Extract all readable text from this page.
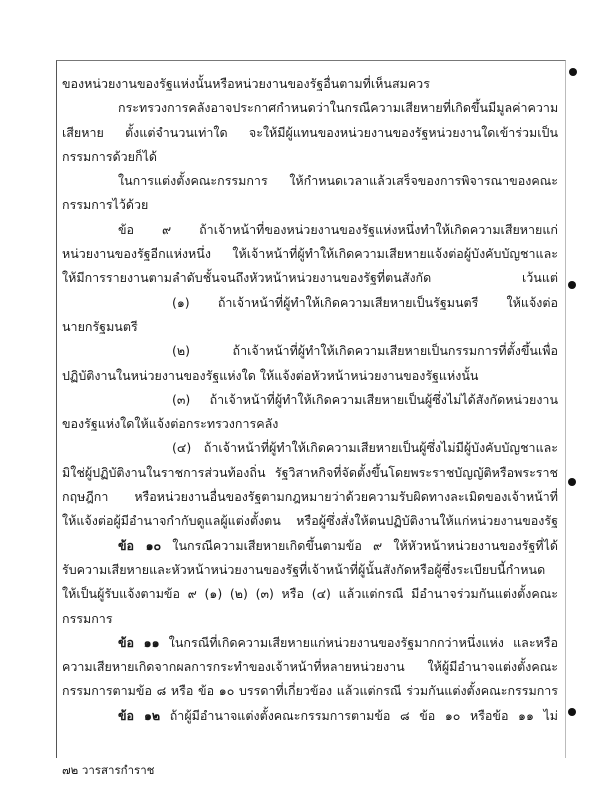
ของหน่วยงานของรัฐแห่งนั้นหรือหน่วยงานของรัฐอื่นตามที่เห็นสมควร
กระทรวงการคลังอาจประกาศกำหนดว่าในกรณีความเสียหายที่เกิดขึ้นมีมูลค่าความ
เสียหาย ตั้งแต่จำนวนเท่าใด จะให้มีผู้แทนของหน่วยงานของรัฐหน่วยงานใดเข้าร่วมเป็น
กรรมการด้วยก็ได้
ในการแต่งตั้งคณะกรรมการ ให้กำหนดเวลาแล้วเสร็จของการพิจารณาของคณะ
กรรมการไว้ด้วย
ข้อ ๙ ถ้าเจ้าหน้าที่ของหน่วยงานของรัฐแห่งหนึ่งทำให้เกิดความเสียหายแก่
หน่วยงานของรัฐอีกแห่งหนึ่ง ให้เจ้าหน้าที่ผู้ทำให้เกิดความเสียหายแจ้งต่อผู้บังคับบัญชาและ
ให้มีการรายงานตามลำดับชั้นจนถึงหัวหน้าหน่วยงานของรัฐที่ตนสังกัด เว้นแต่
(๑) ถ้าเจ้าหน้าที่ผู้ทำให้เกิดความเสียหายเป็นรัฐมนตรี ให้แจ้งต่อ
นายกรัฐมนตรี
(๒) ถ้าเจ้าหน้าที่ผู้ทำให้เกิดความเสียหายเป็นกรรมการที่ตั้งขึ้นเพื่อ
ปฏิบัติงานในหน่วยงานของรัฐแห่งใด ให้แจ้งต่อหัวหน้าหน่วยงานของรัฐแห่งนั้น
(๓) ถ้าเจ้าหน้าที่ผู้ทำให้เกิดความเสียหายเป็นผู้ซึ่งไม่ได้สังกัดหน่วยงาน
ของรัฐแห่งใดให้แจ้งต่อกระทรวงการคลัง
(๔) ถ้าเจ้าหน้าที่ผู้ทำให้เกิดความเสียหายเป็นผู้ซึ่งไม่มีผู้บังคับบัญชาและ
มิใช่ผู้ปฏิบัติงานในราชการส่วนท้องถิ่น รัฐวิสาหกิจที่จัดตั้งขึ้นโดยพระราชบัญญัติหรือพระราช
กฤษฎีกา หรือหน่วยงานอื่นของรัฐตามกฎหมายว่าด้วยความรับผิดทางละเมิดของเจ้าหน้าที่
ให้แจ้งต่อผู้มีอำนาจกำกับดูแลผู้แต่งตั้งตน หรือผู้ซึ่งสั่งให้ตนปฏิบัติงานให้แก่หน่วยงานของรัฐ
ข้อ ๑๐ ในกรณีความเสียหายเกิดขึ้นตามข้อ ๙ ให้หัวหน้าหน่วยงานของรัฐที่ได้
รับความเสียหายและหัวหน้าหน่วยงานของรัฐที่เจ้าหน้าที่ผู้นั้นสังกัดหรือผู้ซึ่งระเบียบนี้กำหนด
ให้เป็นผู้รับแจ้งตามข้อ ๙ (๑) (๒) (๓) หรือ (๔) แล้วแต่กรณี มีอำนาจร่วมกันแต่งตั้งคณะ
กรรมการ
ข้อ ๑๑ ในกรณีที่เกิดความเสียหายแก่หน่วยงานของรัฐมากกว่าหนึ่งแห่ง และหรือ
ความเสียหายเกิดจากผลการกระทำของเจ้าหน้าที่หลายหน่วยงาน ให้ผู้มีอำนาจแต่งตั้งคณะ
กรรมการตามข้อ ๘ หรือ ข้อ ๑๐ บรรดาที่เกี่ยวข้อง แล้วแต่กรณี ร่วมกันแต่งตั้งคณะกรรมการ
ข้อ ๑๒ ถ้าผู้มีอำนาจแต่งตั้งคณะกรรมการตามข้อ ๘ ข้อ ๑๐ หรือข้อ ๑๑ ไม่
๗๒ วารสารกำราช
